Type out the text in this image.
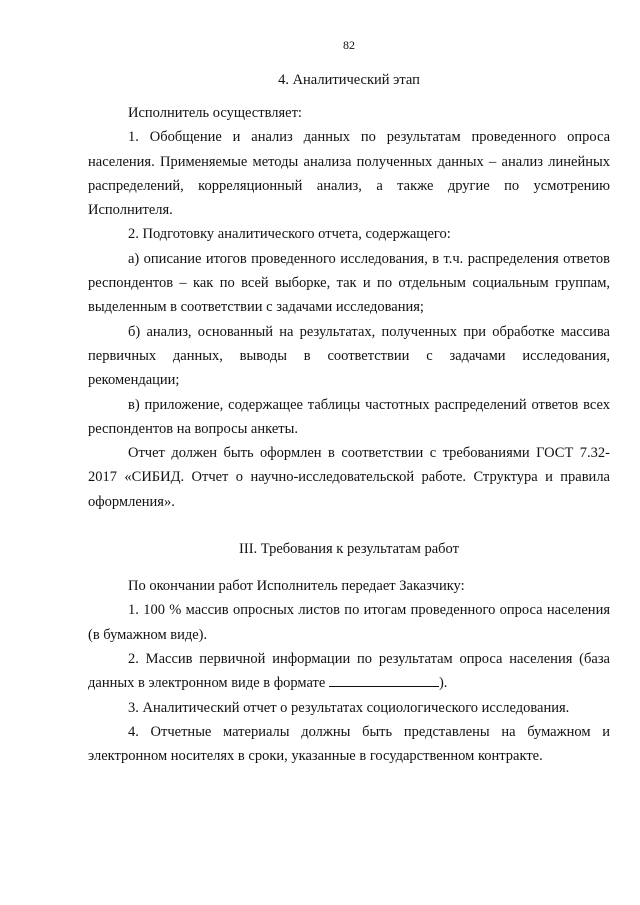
82
4. Аналитический этап

Исполнитель осуществляет:

1. Обобщение и анализ данных по результатам проведенного опроса населения. Применяемые методы анализа полученных данных – анализ линейных распределений, корреляционный анализ, а также другие по усмотрению Исполнителя.

2. Подготовку аналитического отчета, содержащего:

а) описание итогов проведенного исследования, в т.ч. распределения ответов респондентов – как по всей выборке, так и по отдельным социальным группам, выделенным в соответствии с задачами исследования;

б) анализ, основанный на результатах, полученных при обработке массива первичных данных, выводы в соответствии с задачами исследования, рекомендации;

в) приложение, содержащее таблицы частотных распределений ответов всех респондентов на вопросы анкеты.

Отчет должен быть оформлен в соответствии с требованиями ГОСТ 7.32-2017 «СИБИД. Отчет о научно-исследовательской работе. Структура и правила оформления».

III. Требования к результатам работ

По окончании работ Исполнитель передает Заказчику:

1. 100 % массив опросных листов по итогам проведенного опроса населения (в бумажном виде).

2. Массив первичной информации по результатам опроса населения (база данных в электронном виде в формате	).

3. Аналитический отчет о результатах социологического исследования.

4. Отчетные материалы должны быть представлены на бумажном и электронном носителях в сроки, указанные в государственном контракте.
